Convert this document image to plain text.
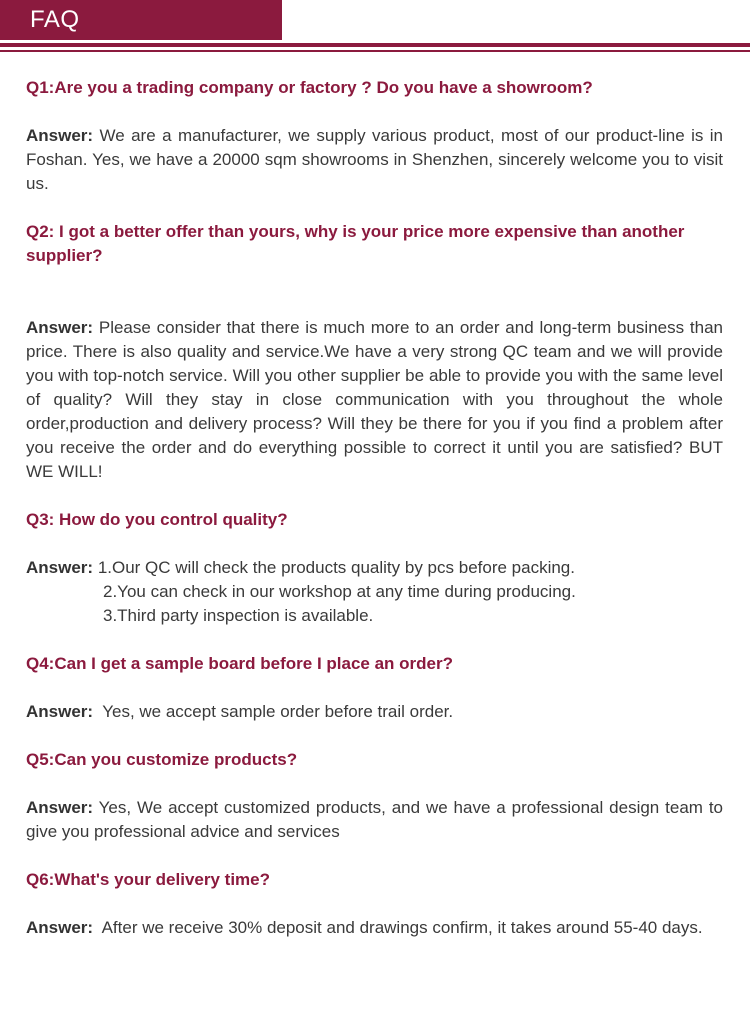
FAQ

Q1:Are you a trading company or factory ? Do you have a showroom?

Answer: We are a manufacturer, we supply various product, most of our product-line is in Foshan. Yes, we have a 20000 sqm showrooms in Shenzhen, sincerely welcome you to visit us.

Q2: I got a better offer than yours, why is your price more expensive than another supplier?

Answer: Please consider that there is much more to an order and long-term business than price. There is also quality and service.We have a very strong QC team and we will provide you with top-notch service. Will you other supplier be able to provide you with the same level of quality? Will they stay in close communication with you throughout the whole order,production and delivery process? Will they be there for you if you find a problem after you receive the order and do everything possible to correct it until you are satisfied? BUT WE WILL!

Q3: How do you control quality?

Answer: 1.Our QC will check the products quality by pcs before packing.
2.You can check in our workshop at any time during producing.
3.Third party inspection is available.

Q4:Can I get a sample board before I place an order?

Answer: Yes, we accept sample order before trail order.

Q5:Can you customize products?

Answer: Yes, We accept customized products, and we have a professional design team to give you professional advice and services

Q6:What's your delivery time?

Answer: After we receive 30% deposit and drawings confirm, it takes around 55-40 days.
